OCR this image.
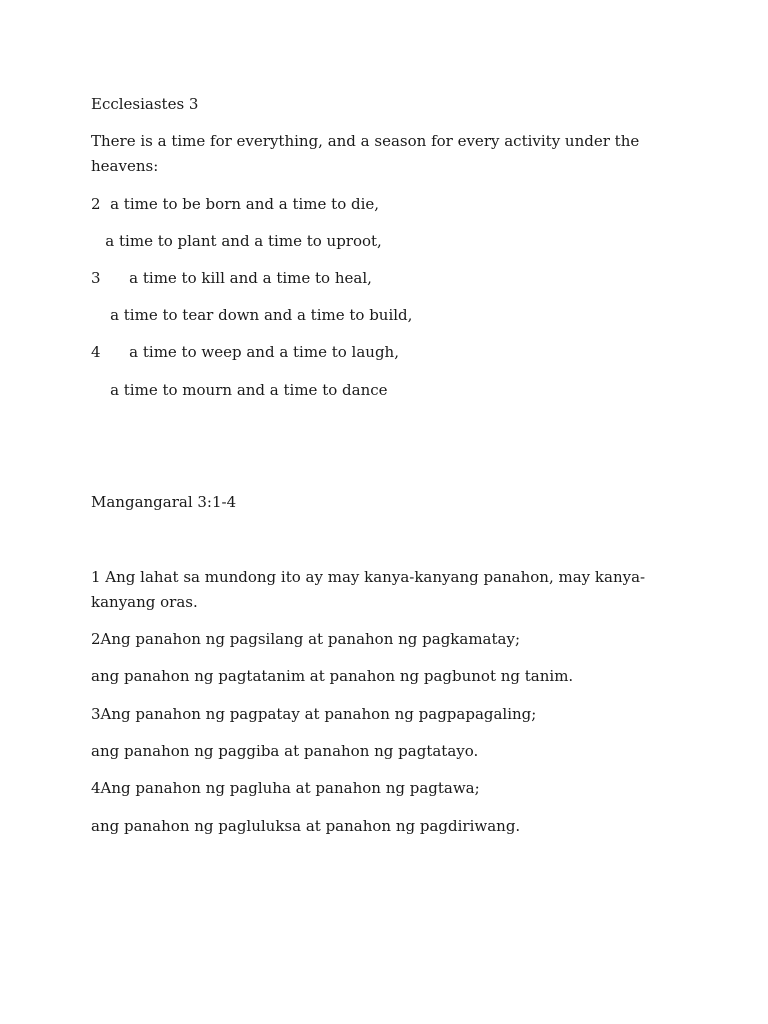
Ecclesiastes 3
There is a time for everything, and a season for every activity under the heavens:
2  a time to be born and a time to die,
a time to plant and a time to uproot,
3      a time to kill and a time to heal,
a time to tear down and a time to build,
4      a time to weep and a time to laugh,
a time to mourn and a time to dance
Mangangaral 3:1-4
1 Ang lahat sa mundong ito ay may kanya-kanyang panahon, may kanya-kanyang oras.
2Ang panahon ng pagsilang at panahon ng pagkamatay;
ang panahon ng pagtatanim at panahon ng pagbunot ng tanim.
3Ang panahon ng pagpatay at panahon ng pagpapagaling;
ang panahon ng paggiba at panahon ng pagtatayo.
4Ang panahon ng pagluha at panahon ng pagtawa;
ang panahon ng pagluluksa at panahon ng pagdiriwang.
